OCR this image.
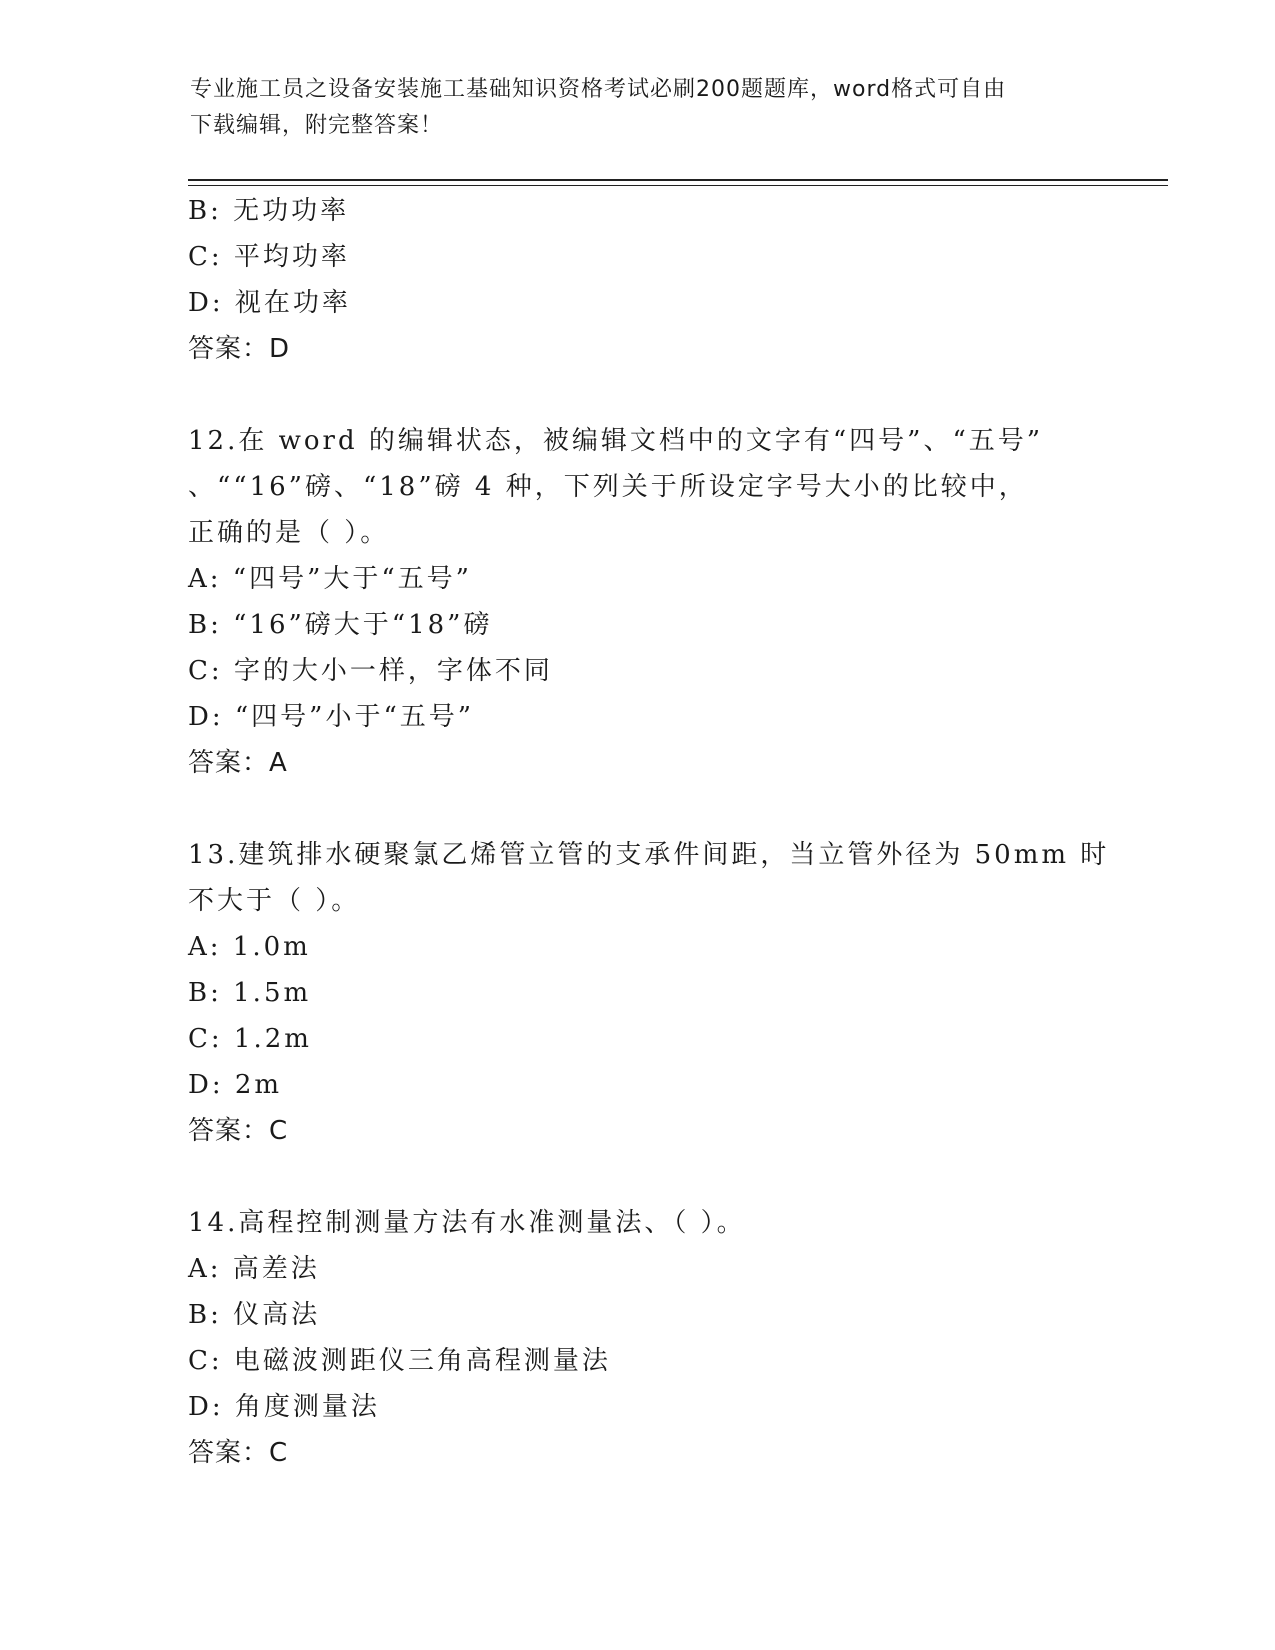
专业施工员之设备安装施工基础知识资格考试必刷200题题库，word格式可自由
下载编辑，附完整答案！
B: 无功功率
C: 平均功率
D: 视在功率
答案：D
12.在 word 的编辑状态，被编辑文档中的文字有“四号”、“五号”
、““16”磅、“18”磅 4 种，下列关于所设定字号大小的比较中，
正确的是（ ）。
A: “四号”大于“五号”
B: “16”磅大于“18”磅
C: 字的大小一样，字体不同
D: “四号”小于“五号”
答案：A
13.建筑排水硬聚氯乙烯管立管的支承件间距，当立管外径为 50mm 时
不大于（ ）。
A: 1.0m
B: 1.5m
C: 1.2m
D: 2m
答案：C
14.高程控制测量方法有水准测量法、（ ）。
A: 高差法
B: 仪高法
C: 电磁波测距仪三角高程测量法
D: 角度测量法
答案：C
